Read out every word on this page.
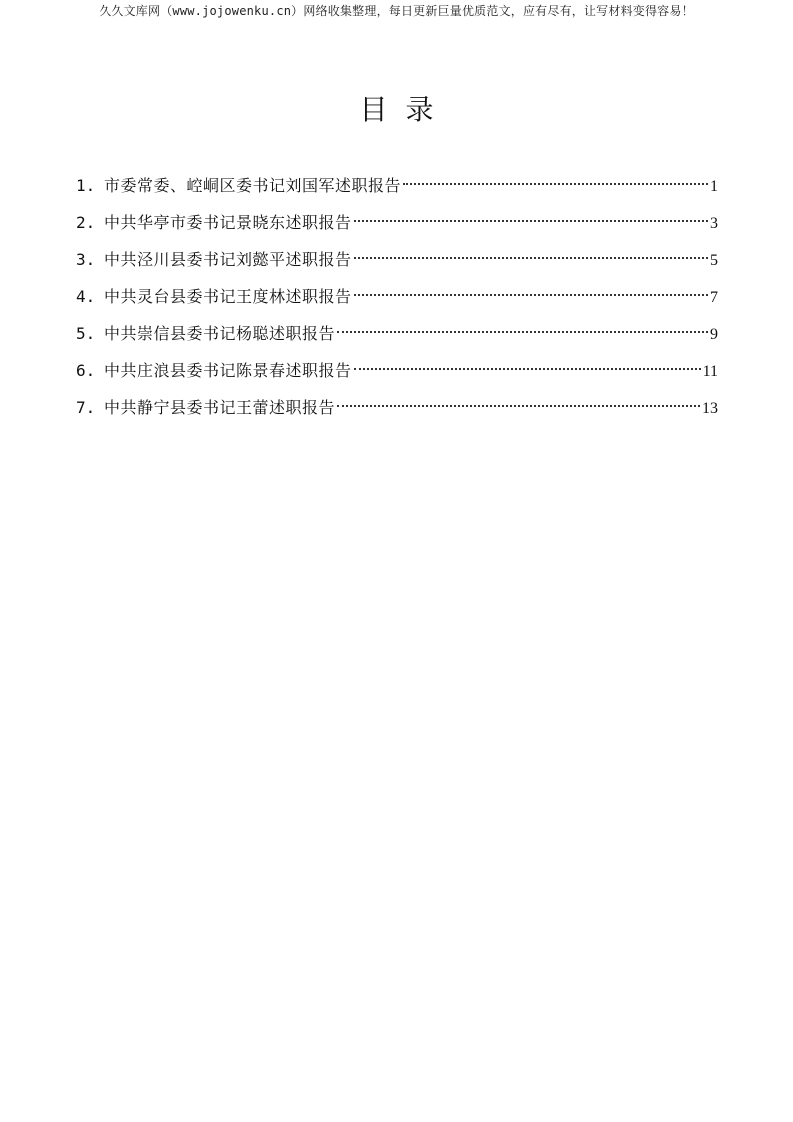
久久文库网（www.jojowenku.cn）网络收集整理，每日更新巨量优质范文，应有尽有，让写材料变得容易！
目录
1. 市委常委、崆峒区委书记刘国军述职报告	1
2. 中共华亭市委书记景晓东述职报告	3
3. 中共泾川县委书记刘懿平述职报告	5
4. 中共灵台县委书记王度林述职报告	7
5. 中共崇信县委书记杨聪述职报告	9
6. 中共庄浪县委书记陈景春述职报告	11
7. 中共静宁县委书记王蕾述职报告	13
